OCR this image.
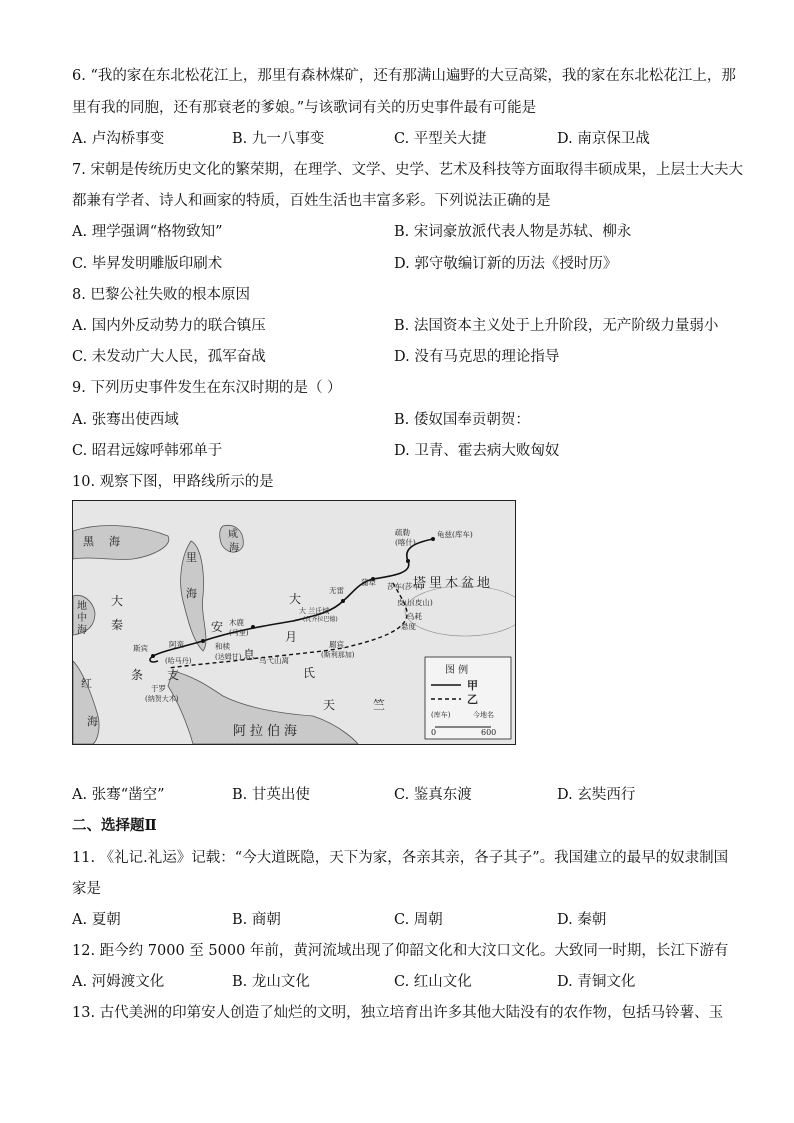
6. “我的家在东北松花江上，那里有森林煤矿，还有那满山遍野的大豆高粱，我的家在东北松花江上，那
里有我的同胞，还有那衰老的爹娘。”与该歌词有关的历史事件最有可能是
A. 卢沟桥事变	B. 九一八事变	C. 平型关大捷	D. 南京保卫战
7. 宋朝是传统历史文化的繁荣期，在理学、文学、史学、艺术及科技等方面取得丰硕成果，上层士大夫大
都兼有学者、诗人和画家的特质，百姓生活也丰富多彩。下列说法正确的是
A. 理学强调“格物致知”	B. 宋词豪放派代表人物是苏轼、柳永
C. 毕昇发明雕版印刷术	D. 郭守敬编订新的历法《授时历》
8. 巴黎公社失败的根本原因
A. 国内外反动势力的联合镇压	B. 法国资本主义处于上升阶段，无产阶级力量弱小
C. 未发动广大人民，孤军奋战	D. 没有马克思的理论指导
9. 下列历史事件发生在东汉时期的是（ ）
A. 张骞出使西域	B. 倭奴国奉贡朝贺：
C. 昭君远嫁呼韩邪单于	D. 卫青、霍去病大败匈奴
10. 观察下图，甲路线所示的是
黑 海
里
海
咸
海
地
中
海
大
秦
红
海
条 支
安
息
大
月
氏
天	竺
阿拉伯海
塔里木盆地
龟兹(库车)
疏勒
(喀什)
莎车(莎车)
皮山(皮山)
乌耗
悬度
罽宾
(斯利那加)
乌弋山离
木鹿
(马里)
大 兰氏城
(瓦齐拉巴德)
无雷
蒲犁
和椟
(达姆甘)
阿蛮
(哈马丹)
斯宾
于罗
(纳贺大木)
图 例
甲
乙
(库车)	今地名
0	600
A. 张骞“凿空”	B. 甘英出使	C. 鉴真东渡	D. 玄奘西行
二、选择题Ⅱ
11. 《礼记.礼运》记载：“今大道既隐，天下为家，各亲其亲，各子其子”。我国建立的最早的奴隶制国
家是
A. 夏朝	B. 商朝	C. 周朝	D. 秦朝
12. 距今约 7000 至 5000 年前，黄河流域出现了仰韶文化和大汶口文化。大致同一时期，长江下游有
A. 河姆渡文化	B. 龙山文化	C. 红山文化	D. 青铜文化
13. 古代美洲的印第安人创造了灿烂的文明，独立培育出许多其他大陆没有的农作物，包括马铃薯、玉
